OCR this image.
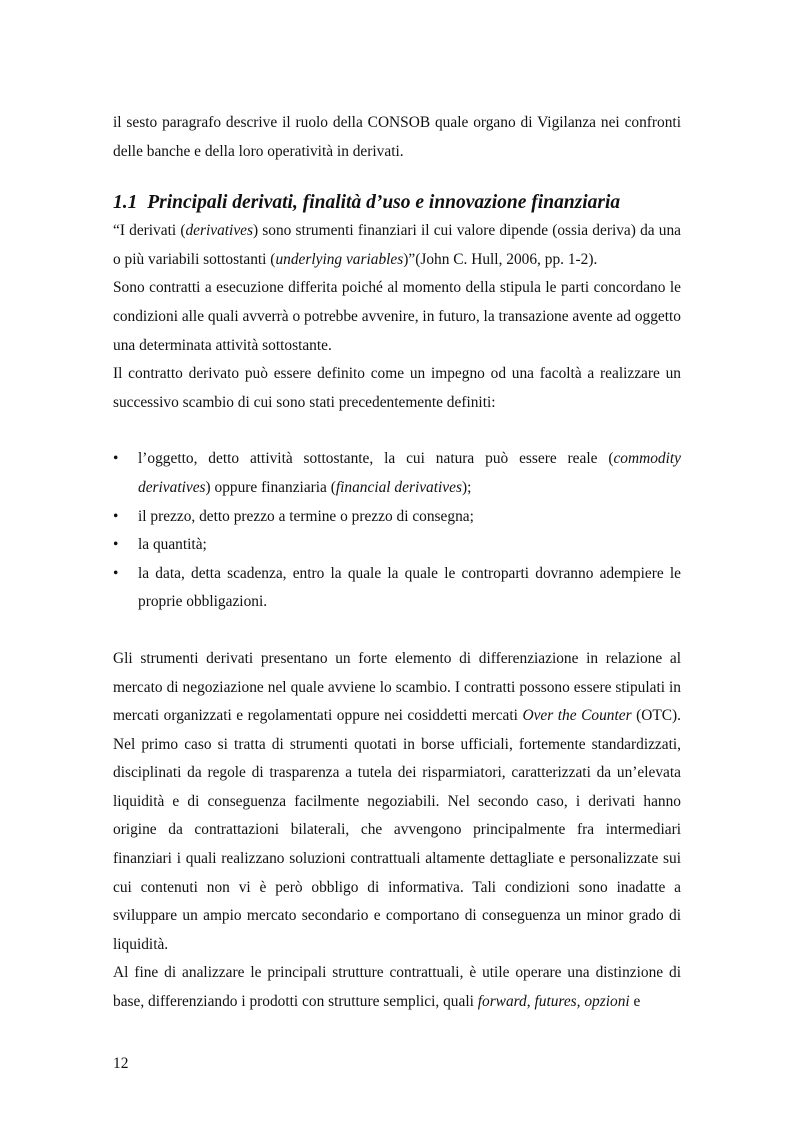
il sesto paragrafo descrive il ruolo della CONSOB quale organo di Vigilanza nei confronti delle banche e della loro operatività in derivati.

1.1 Principali derivati, finalità d’uso e innovazione finanziaria

“I derivati (derivatives) sono strumenti finanziari il cui valore dipende (ossia deriva) da una o più variabili sottostanti (underlying variables)”(John C. Hull, 2006, pp. 1-2).

Sono contratti a esecuzione differita poiché al momento della stipula le parti concordano le condizioni alle quali avverrà o potrebbe avvenire, in futuro, la transazione avente ad oggetto una determinata attività sottostante.

Il contratto derivato può essere definito come un impegno od una facoltà a realizzare un successivo scambio di cui sono stati precedentemente definiti:

• l’oggetto, detto attività sottostante, la cui natura può essere reale (commodity derivatives) oppure finanziaria (financial derivatives);
• il prezzo, detto prezzo a termine o prezzo di consegna;
• la quantità;
• la data, detta scadenza, entro la quale la quale le controparti dovranno adempiere le proprie obbligazioni.

Gli strumenti derivati presentano un forte elemento di differenziazione in relazione al mercato di negoziazione nel quale avviene lo scambio. I contratti possono essere stipulati in mercati organizzati e regolamentati oppure nei cosiddetti mercati Over the Counter (OTC). Nel primo caso si tratta di strumenti quotati in borse ufficiali, fortemente standardizzati, disciplinati da regole di trasparenza a tutela dei risparmiatori, caratterizzati da un’elevata liquidità e di conseguenza facilmente negoziabili. Nel secondo caso, i derivati hanno origine da contrattazioni bilaterali, che avvengono principalmente fra intermediari finanziari i quali realizzano soluzioni contrattuali altamente dettagliate e personalizzate sui cui contenuti non vi è però obbligo di informativa. Tali condizioni sono inadatte a sviluppare un ampio mercato secondario e comportano di conseguenza un minor grado di liquidità.

Al fine di analizzare le principali strutture contrattuali, è utile operare una distinzione di base, differenziando i prodotti con strutture semplici, quali forward, futures, opzioni e

12
